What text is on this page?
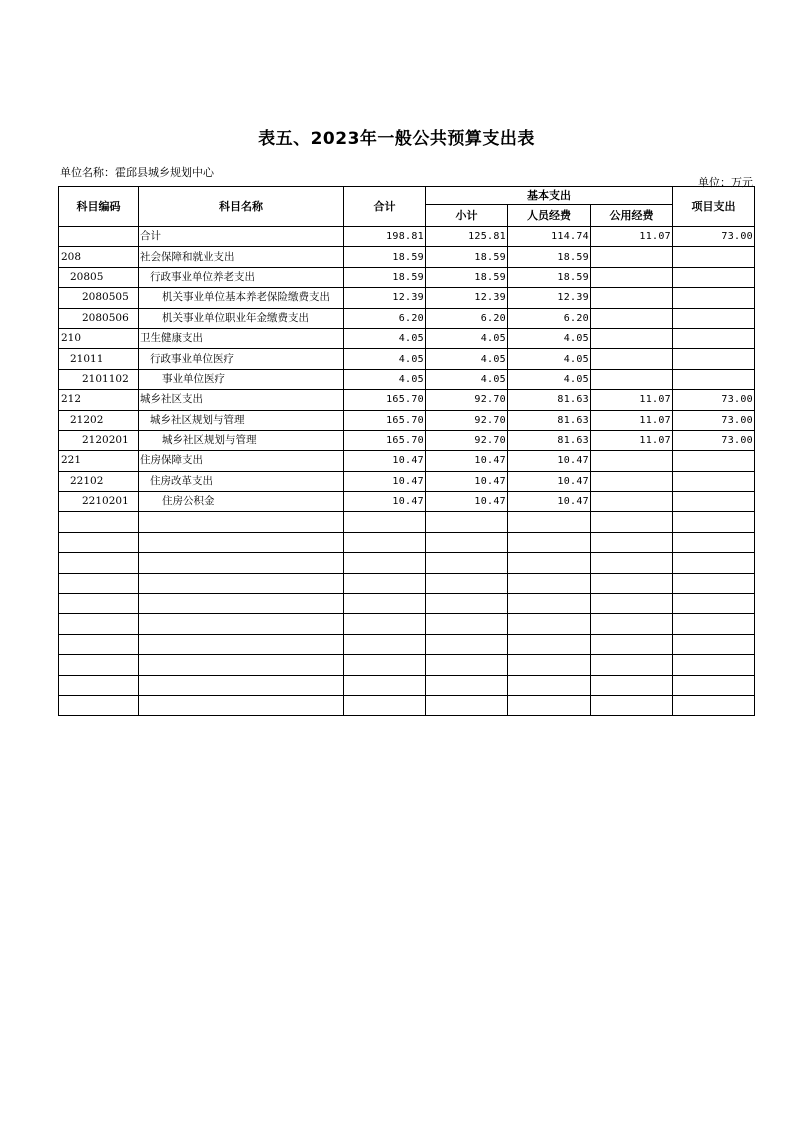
表五、2023年一般公共预算支出表
单位名称：霍邱县城乡规划中心
单位：万元
科目编码	科目名称	合计	基本支出			项目支出
			小计	人员经费	公用经费	
	合计	198.81	125.81	114.74	11.07	73.00
208	社会保障和就业支出	18.59	18.59	18.59		
20805	行政事业单位养老支出	18.59	18.59	18.59		
2080505	机关事业单位基本养老保险缴费支出	12.39	12.39	12.39		
2080506	机关事业单位职业年金缴费支出	6.20	6.20	6.20		
210	卫生健康支出	4.05	4.05	4.05		
21011	行政事业单位医疗	4.05	4.05	4.05		
2101102	事业单位医疗	4.05	4.05	4.05		
212	城乡社区支出	165.70	92.70	81.63	11.07	73.00
21202	城乡社区规划与管理	165.70	92.70	81.63	11.07	73.00
2120201	城乡社区规划与管理	165.70	92.70	81.63	11.07	73.00
221	住房保障支出	10.47	10.47	10.47		
22102	住房改革支出	10.47	10.47	10.47		
2210201	住房公积金	10.47	10.47	10.47		
